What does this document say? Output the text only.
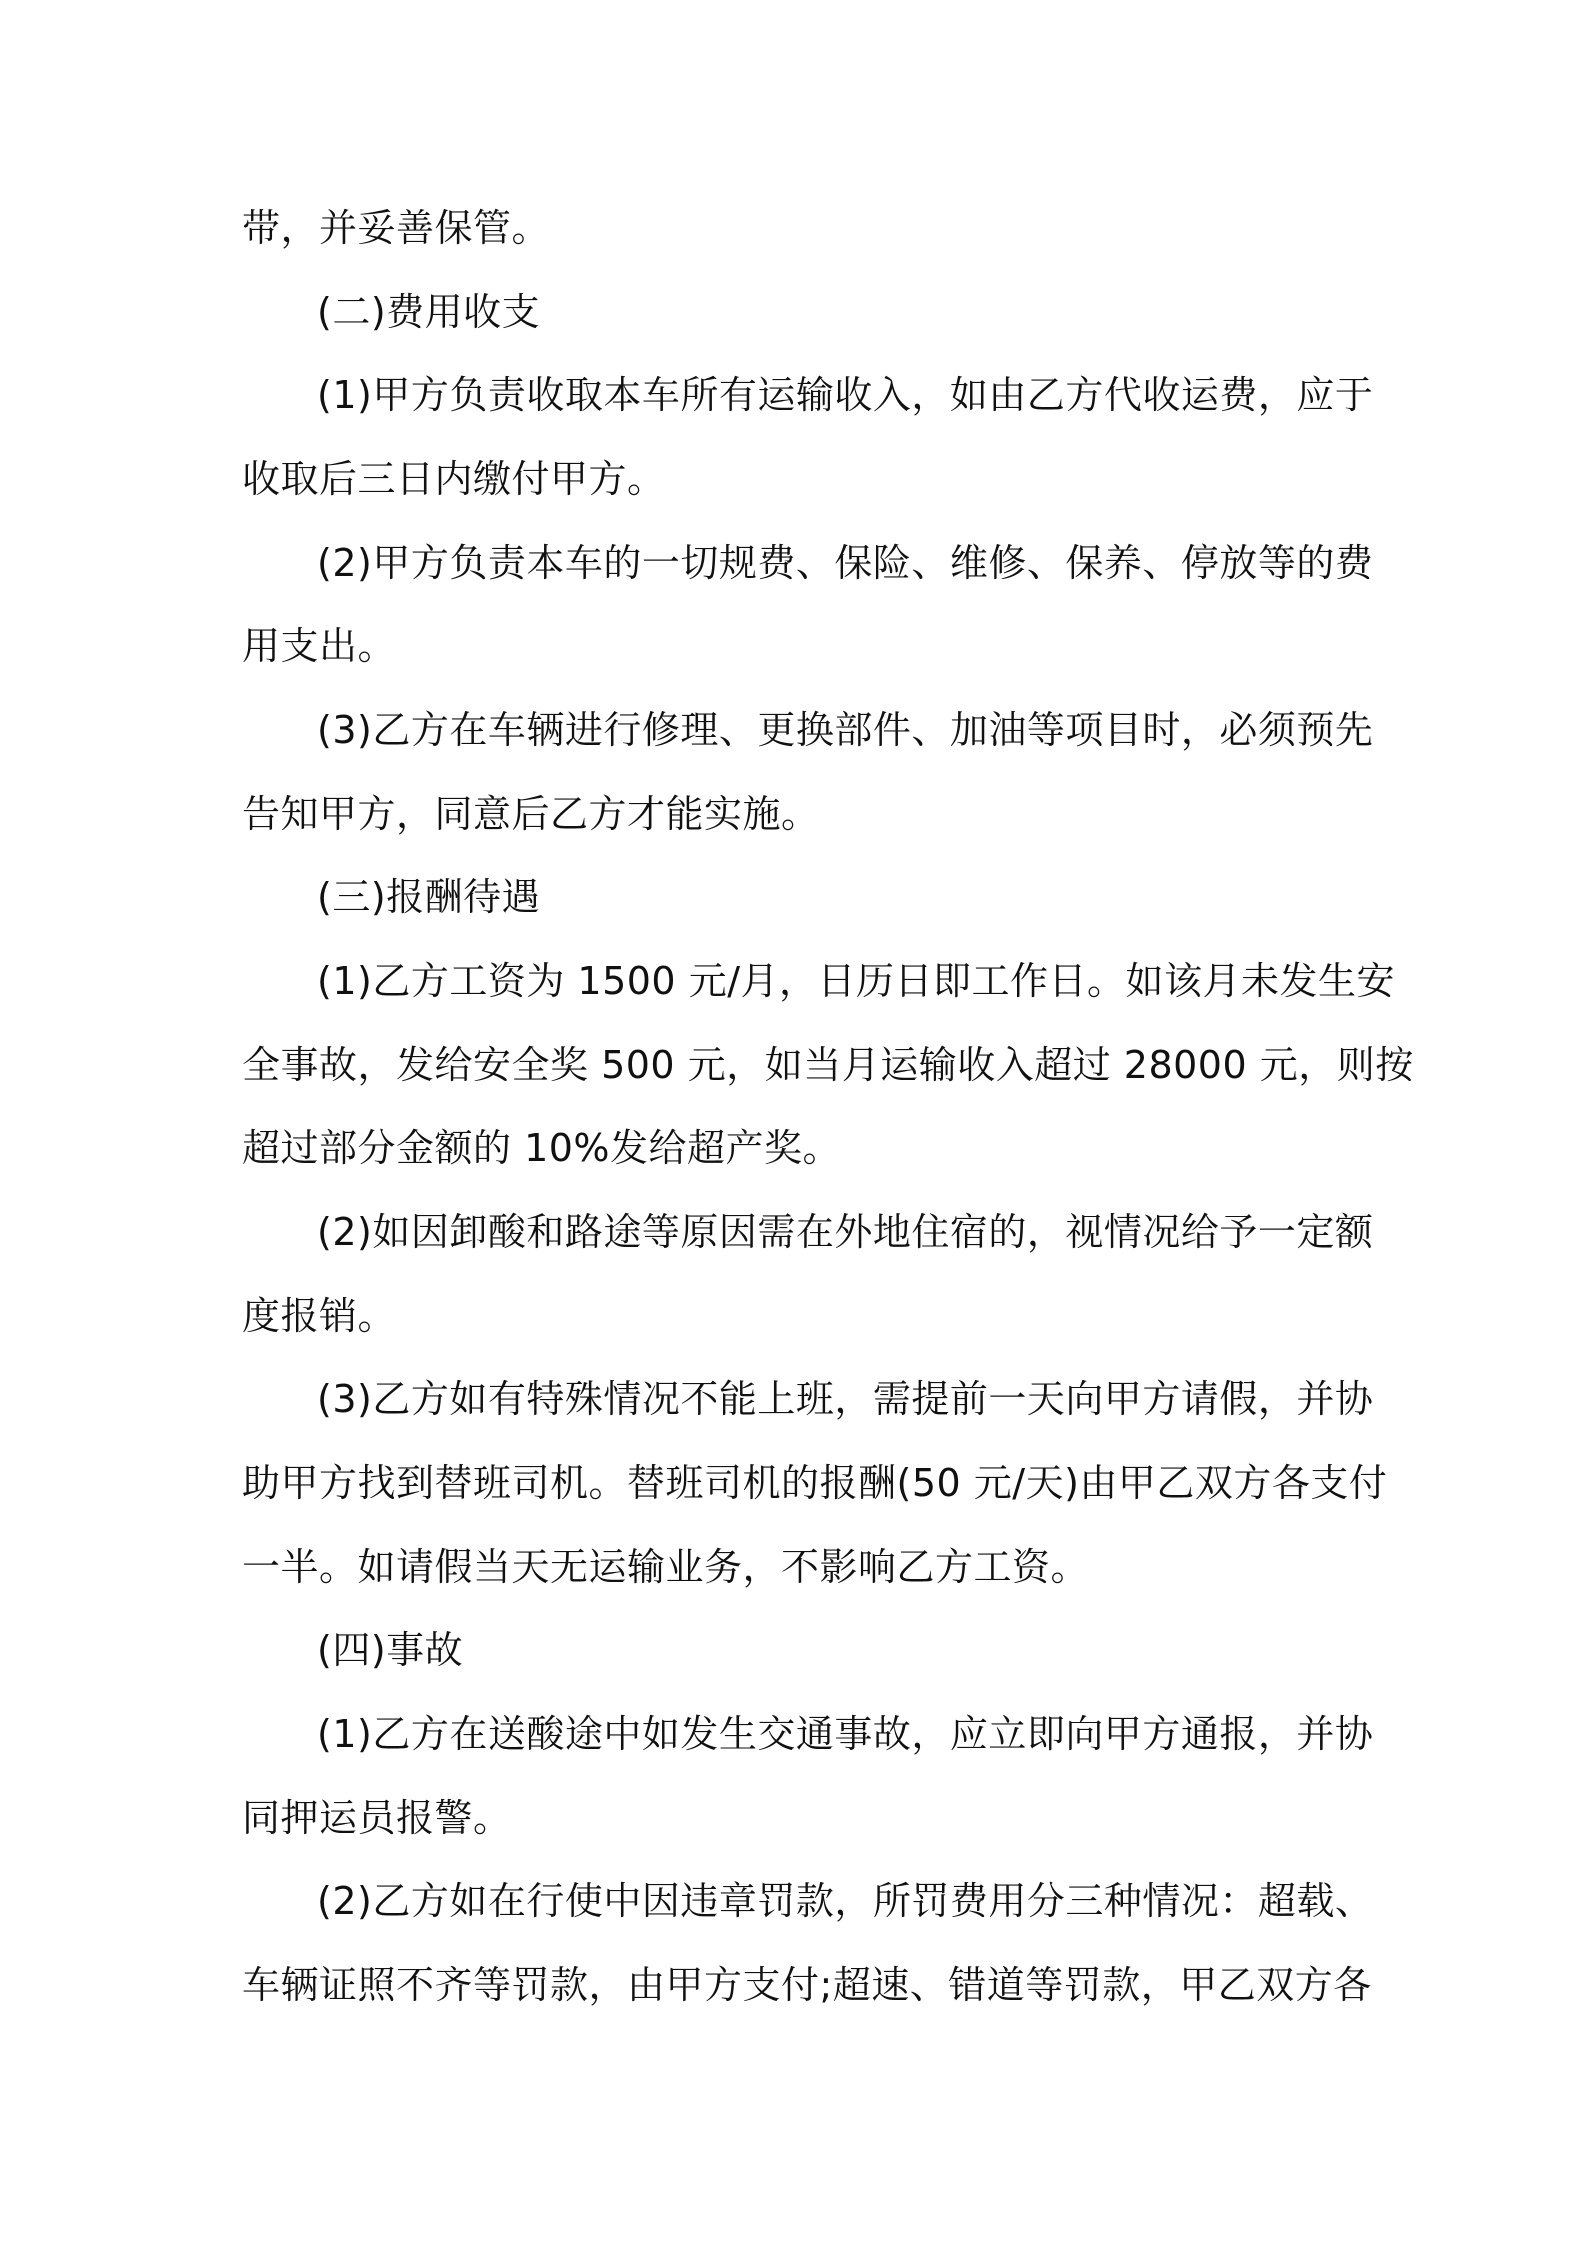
带，并妥善保管。
(二)费用收支
(1)甲方负责收取本车所有运输收入，如由乙方代收运费，应于
收取后三日内缴付甲方。
(2)甲方负责本车的一切规费、保险、维修、保养、停放等的费
用支出。
(3)乙方在车辆进行修理、更换部件、加油等项目时，必须预先
告知甲方，同意后乙方才能实施。
(三)报酬待遇
(1)乙方工资为 1500 元/月，日历日即工作日。如该月未发生安
全事故，发给安全奖 500 元，如当月运输收入超过 28000 元，则按
超过部分金额的 10%发给超产奖。
(2)如因卸酸和路途等原因需在外地住宿的，视情况给予一定额
度报销。
(3)乙方如有特殊情况不能上班，需提前一天向甲方请假，并协
助甲方找到替班司机。替班司机的报酬(50 元/天)由甲乙双方各支付
一半。如请假当天无运输业务，不影响乙方工资。
(四)事故
(1)乙方在送酸途中如发生交通事故，应立即向甲方通报，并协
同押运员报警。
(2)乙方如在行使中因违章罚款，所罚费用分三种情况：超载、
车辆证照不齐等罚款，由甲方支付;超速、错道等罚款，甲乙双方各
